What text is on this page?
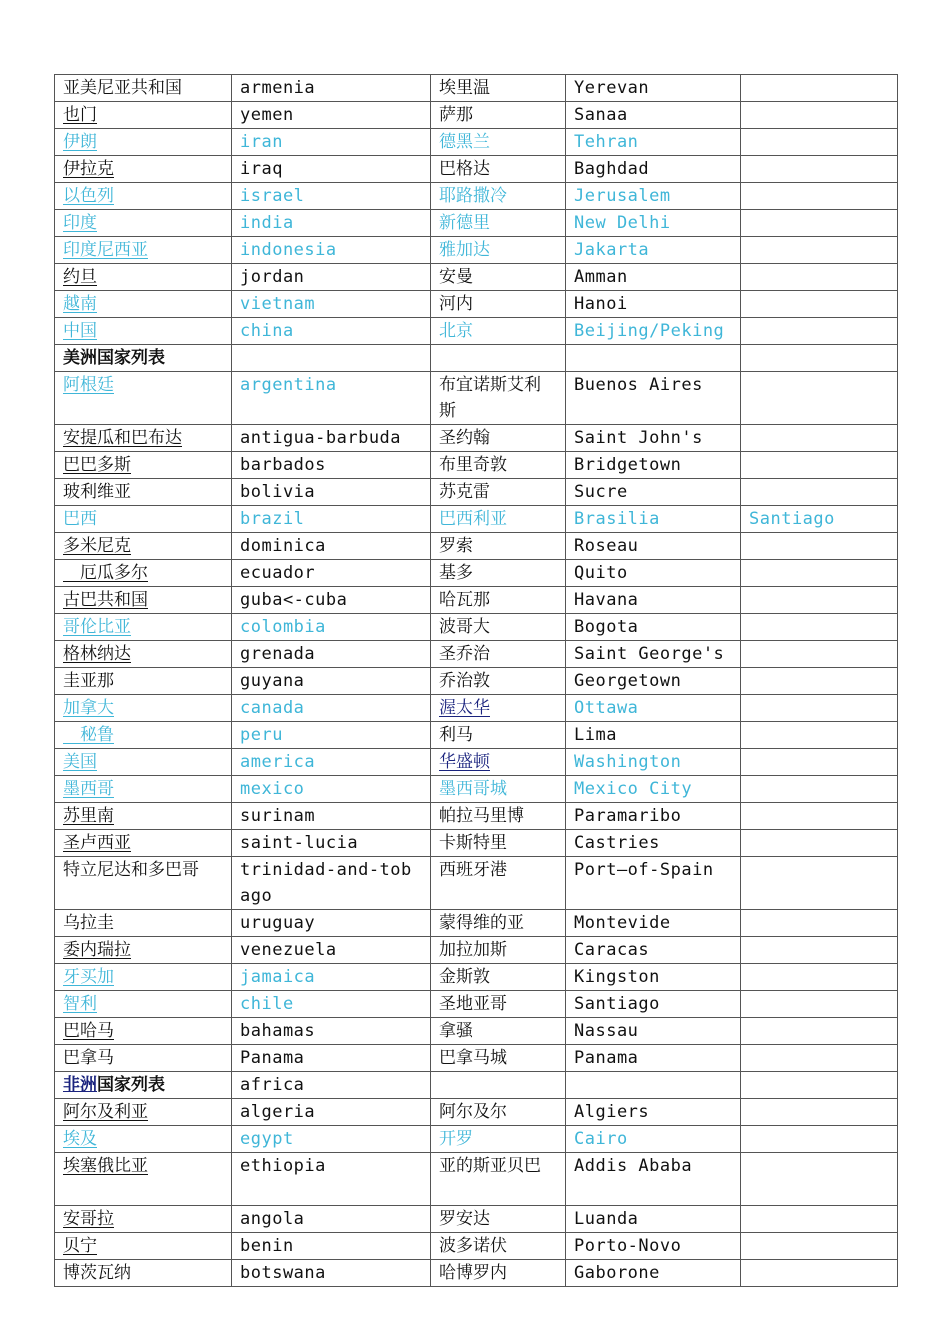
亚美尼亚共和国	armenia	埃里温	Yerevan	
也门	yemen	萨那	Sanaa	
伊朗	iran	德黑兰	Tehran	
伊拉克	iraq	巴格达	Baghdad	
以色列	israel	耶路撒冷	Jerusalem	
印度	india	新德里	New Delhi	
印度尼西亚	indonesia	雅加达	Jakarta	
约旦	jordan	安曼	Amman	
越南	vietnam	河内	Hanoi	
中国	china	北京	Beijing/Peking	
美洲国家列表				
阿根廷	argentina	布宜诺斯艾利斯	Buenos Aires	
安提瓜和巴布达	antigua-barbuda	圣约翰	Saint John's	
巴巴多斯	barbados	布里奇敦	Bridgetown	
玻利维亚	bolivia	苏克雷	Sucre	
巴西	brazil	巴西利亚	Brasilia	Santiago
多米尼克	dominica	罗索	Roseau	
　厄瓜多尔	ecuador	基多	Quito	
古巴共和国	guba<-cuba	哈瓦那	Havana	
哥伦比亚	colombia	波哥大	Bogota	
格林纳达	grenada	圣乔治	Saint George's	
圭亚那	guyana	乔治敦	Georgetown	
加拿大	canada	渥太华	Ottawa	
　秘鲁	peru	利马	Lima	
美国	america	华盛顿	Washington	
墨西哥	mexico	墨西哥城	Mexico City	
苏里南	surinam	帕拉马里博	Paramaribo	
圣卢西亚	saint-lucia	卡斯特里	Castries	
特立尼达和多巴哥	trinidad-and-tobago	西班牙港	Port—of-Spain	
乌拉圭	uruguay	蒙得维的亚	Montevide	
委内瑞拉	venezuela	加拉加斯	Caracas	
牙买加	jamaica	金斯敦	Kingston	
智利	chile	圣地亚哥	Santiago	
巴哈马	bahamas	拿骚	Nassau	
巴拿马	Panama	巴拿马城	Panama	
非洲国家列表	africa			
阿尔及利亚	algeria	阿尔及尔	Algiers	
埃及	egypt	开罗	Cairo	
埃塞俄比亚	ethiopia	亚的斯亚贝巴	Addis Ababa	
安哥拉	angola	罗安达	Luanda	
贝宁	benin	波多诺伏	Porto-Novo	
博茨瓦纳	botswana	哈博罗内	Gaborone	
